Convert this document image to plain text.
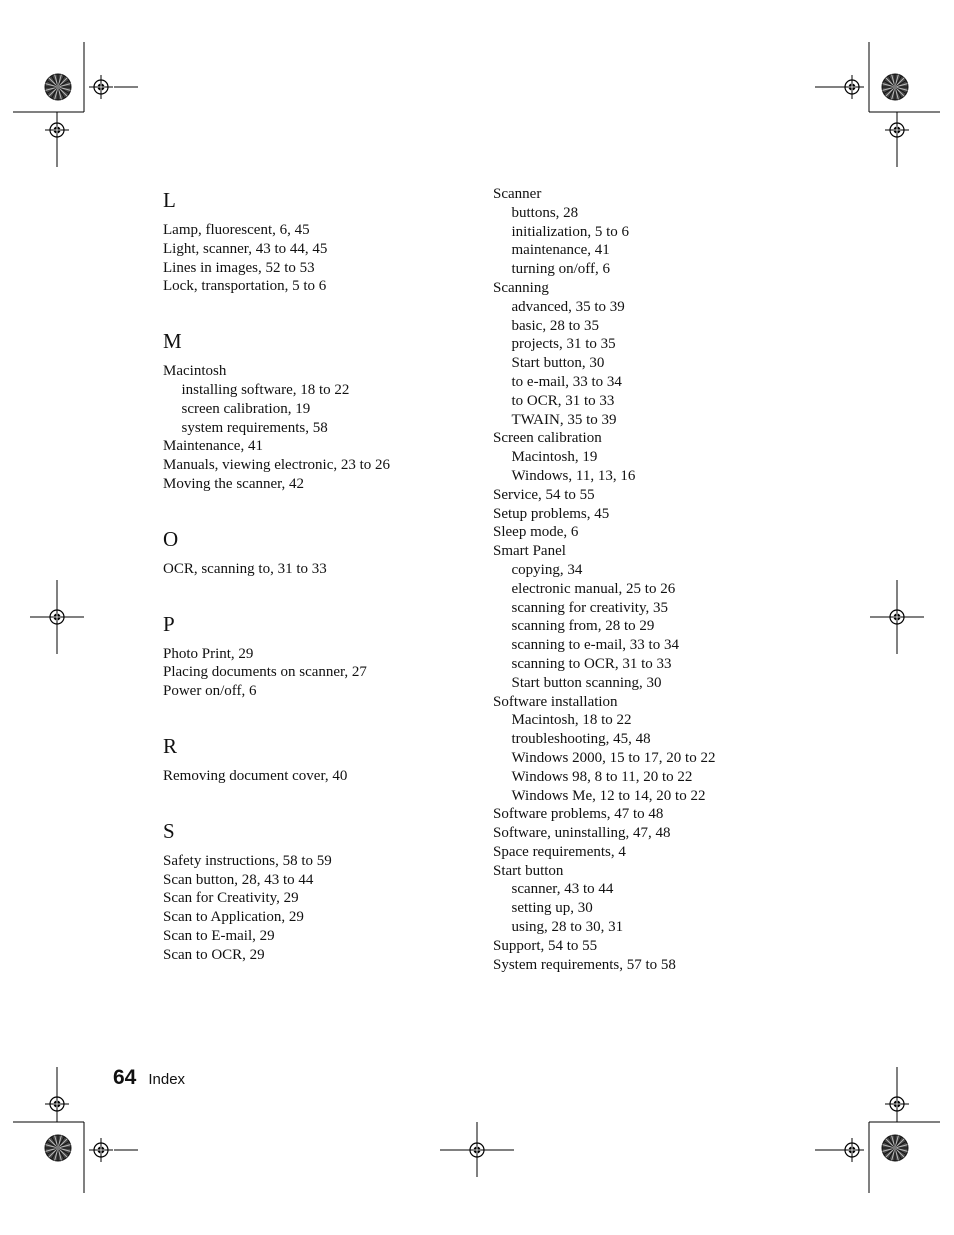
L
Lamp, fluorescent, 6, 45
Light, scanner, 43 to 44, 45
Lines in images, 52 to 53
Lock, transportation, 5 to 6
M
Macintosh
installing software, 18 to 22
screen calibration, 19
system requirements, 58
Maintenance, 41
Manuals, viewing electronic, 23 to 26
Moving the scanner, 42
O
OCR, scanning to, 31 to 33
P
Photo Print, 29
Placing documents on scanner, 27
Power on/off, 6
R
Removing document cover, 40
S
Safety instructions, 58 to 59
Scan button, 28, 43 to 44
Scan for Creativity, 29
Scan to Application, 29
Scan to E-mail, 29
Scan to OCR, 29
Scanner
buttons, 28
initialization, 5 to 6
maintenance, 41
turning on/off, 6
Scanning
advanced, 35 to 39
basic, 28 to 35
projects, 31 to 35
Start button, 30
to e-mail, 33 to 34
to OCR, 31 to 33
TWAIN, 35 to 39
Screen calibration
Macintosh, 19
Windows, 11, 13, 16
Service, 54 to 55
Setup problems, 45
Sleep mode, 6
Smart Panel
copying, 34
electronic manual, 25 to 26
scanning for creativity, 35
scanning from, 28 to 29
scanning to e-mail, 33 to 34
scanning to OCR, 31 to 33
Start button scanning, 30
Software installation
Macintosh, 18 to 22
troubleshooting, 45, 48
Windows 2000, 15 to 17, 20 to 22
Windows 98, 8 to 11, 20 to 22
Windows Me, 12 to 14, 20 to 22
Software problems, 47 to 48
Software, uninstalling, 47, 48
Space requirements, 4
Start button
scanner, 43 to 44
setting up, 30
using, 28 to 30, 31
Support, 54 to 55
System requirements, 57 to 58
64 Index
